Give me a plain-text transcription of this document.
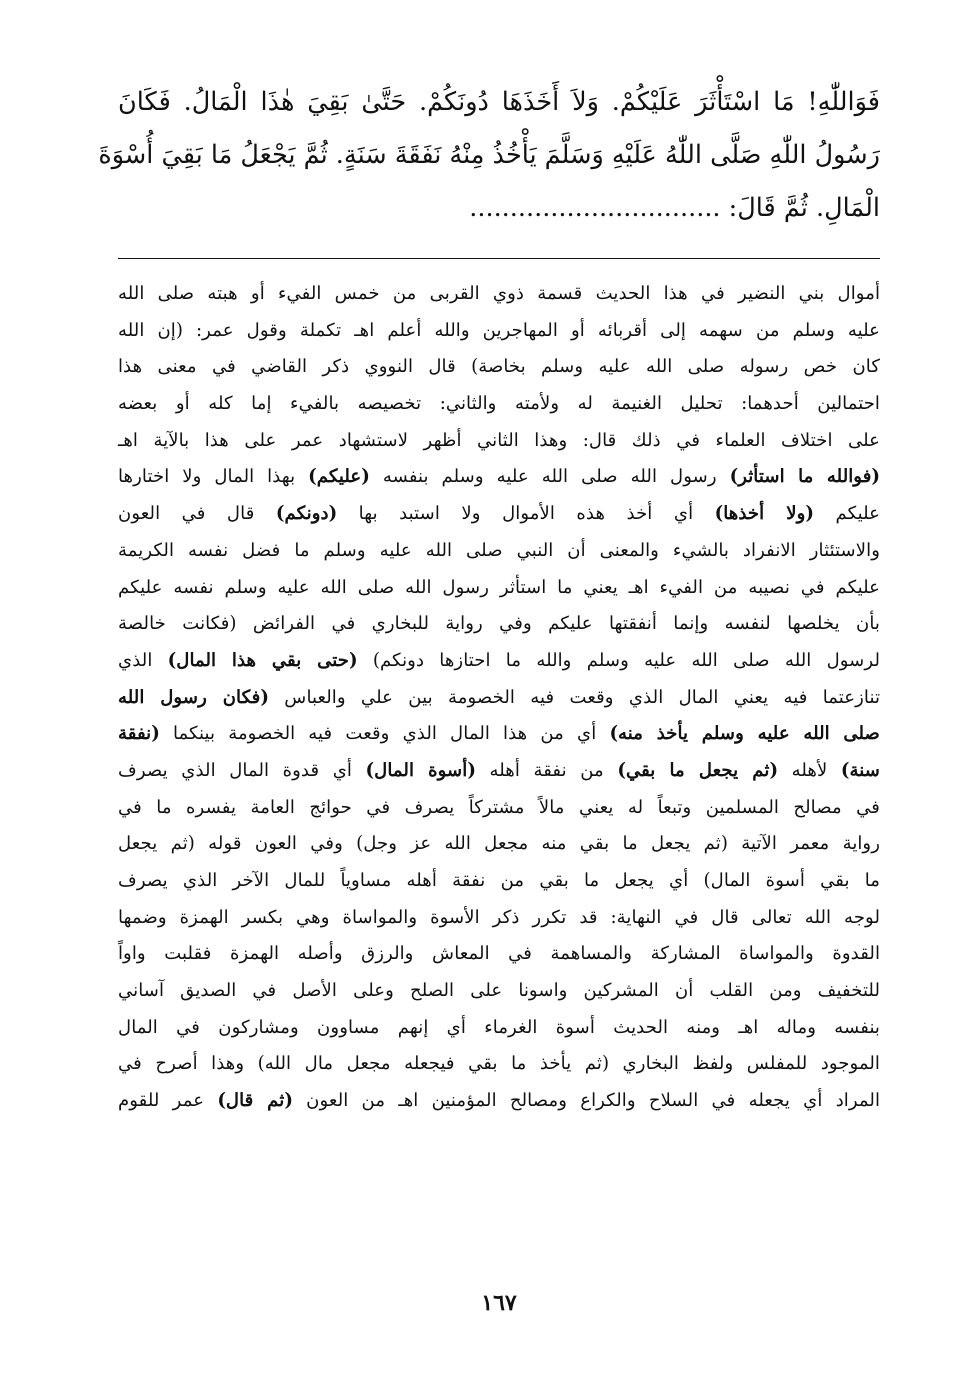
فَوَاللّٰهِ! مَا اسْتَأْثَرَ عَلَيْكُمْ. وَلاَ أَخَذَهَا دُونَكُمْ. حَتَّىٰ بَقِيَ هٰذَا الْمَالُ. فَكَانَ
رَسُولُ اللّٰهِ صَلَّى اللّٰهُ عَلَيْهِ وَسَلَّمَ يَأْخُذُ مِنْهُ نَفَقَةَ سَنَةٍ. ثُمَّ يَجْعَلُ مَا بَقِيَ أُسْوَةَ
الْمَالِ. ثُمَّ قَالَ: ...............................
أموال بني النضير في هذا الحديث قسمة ذوي القربى من خمس الفيء أو هبته صلى الله
عليه وسلم من سهمه إلى أقربائه أو المهاجرين والله أعلم اهـ تكملة وقول عمر: (إن الله
كان خص رسوله صلى الله عليه وسلم بخاصة) قال النووي ذكر القاضي في معنى هذا
احتمالين أحدهما: تحليل الغنيمة له ولأمته والثاني: تخصيصه بالفيء إما كله أو بعضه
على اختلاف العلماء في ذلك قال: وهذا الثاني أظهر لاستشهاد عمر على هذا بالآية اهـ
(فوالله ما استأثر) رسول الله صلى الله عليه وسلم بنفسه (عليكم) بهذا المال ولا اختارها
عليكم (ولا أخذها) أي أخذ هذه الأموال ولا استبد بها (دونكم) قال في العون
والاستئثار الانفراد بالشيء والمعنى أن النبي صلى الله عليه وسلم ما فضل نفسه الكريمة
عليكم في نصيبه من الفيء اهـ يعني ما استأثر رسول الله صلى الله عليه وسلم نفسه عليكم
بأن يخلصها لنفسه وإنما أنفقتها عليكم وفي رواية للبخاري في الفرائض (فكانت خالصة
لرسول الله صلى الله عليه وسلم والله ما احتازها دونكم) (حتى بقي هذا المال) الذي
تنازعتما فيه يعني المال الذي وقعت فيه الخصومة بين علي والعباس (فكان رسول الله
صلى الله عليه وسلم يأخذ منه) أي من هذا المال الذي وقعت فيه الخصومة بينكما (نفقة
سنة) لأهله (ثم يجعل ما بقي) من نفقة أهله (أسوة المال) أي قدوة المال الذي يصرف
في مصالح المسلمين وتبعاً له يعني مالاً مشتركاً يصرف في حوائج العامة يفسره ما في
رواية معمر الآتية (ثم يجعل ما بقي منه مجعل الله عز وجل) وفي العون قوله (ثم يجعل
ما بقي أسوة المال) أي يجعل ما بقي من نفقة أهله مساوياً للمال الآخر الذي يصرف
لوجه الله تعالى قال في النهاية: قد تكرر ذكر الأسوة والمواساة وهي بكسر الهمزة وضمها
القدوة والمواساة المشاركة والمساهمة في المعاش والرزق وأصله الهمزة فقلبت واواً
للتخفيف ومن القلب أن المشركين واسونا على الصلح وعلى الأصل في الصديق آساني
بنفسه وماله اهـ ومنه الحديث أسوة الغرماء أي إنهم مساوون ومشاركون في المال
الموجود للمفلس ولفظ البخاري (ثم يأخذ ما بقي فيجعله مجعل مال الله) وهذا أصرح في
المراد أي يجعله في السلاح والكراع ومصالح المؤمنين اهـ من العون (ثم قال) عمر للقوم
١٦٧
